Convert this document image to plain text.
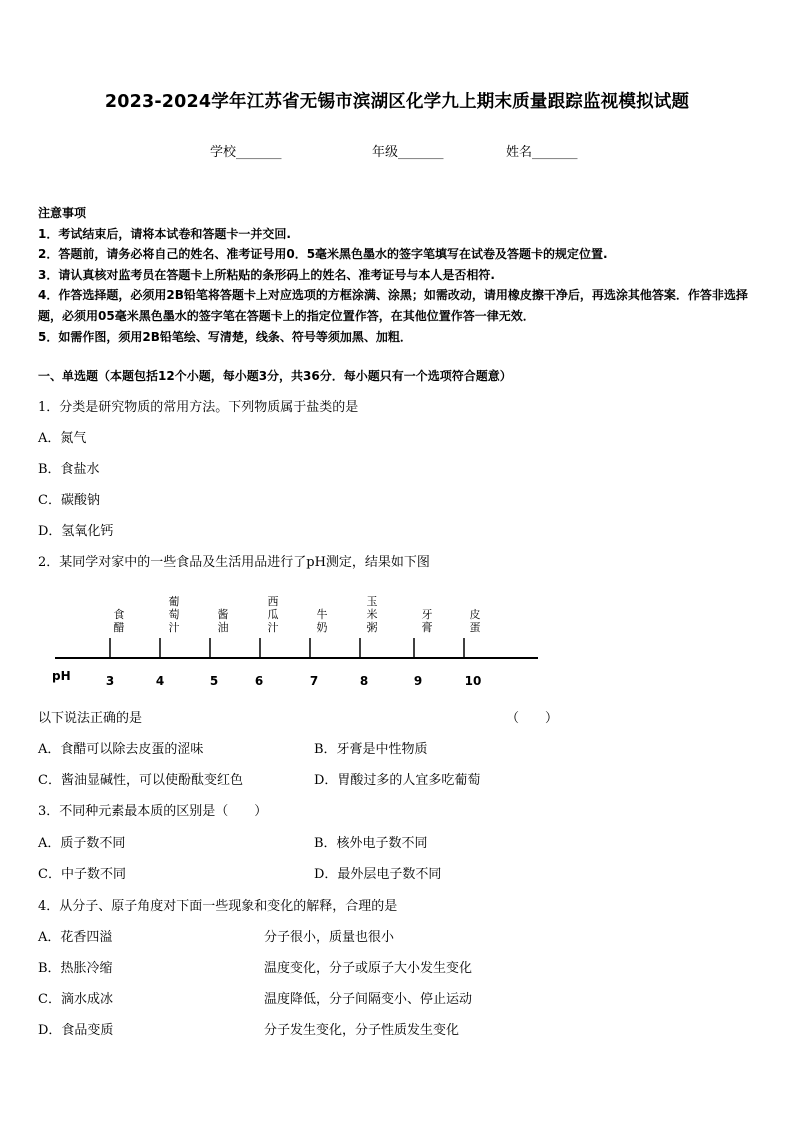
2023-2024学年江苏省无锡市滨湖区化学九上期末质量跟踪监视模拟试题
学校_______	年级_______	姓名_______
注意事项
1．考试结束后，请将本试卷和答题卡一并交回.
2．答题前，请务必将自己的姓名、准考证号用0．5毫米黑色墨水的签字笔填写在试卷及答题卡的规定位置.
3．请认真核对监考员在答题卡上所粘贴的条形码上的姓名、准考证号与本人是否相符.
4．作答选择题，必须用2B铅笔将答题卡上对应选项的方框涂满、涂黑；如需改动，请用橡皮擦干净后，再选涂其他答案．作答非选择题，必须用05毫米黑色墨水的签字笔在答题卡上的指定位置作答，在其他位置作答一律无效．
5．如需作图，须用2B铅笔绘、写清楚，线条、符号等须加黑、加粗．
一、单选题（本题包括12个小题，每小题3分，共36分．每小题只有一个选项符合题意）
1．分类是研究物质的常用方法。下列物质属于盐类的是
A．氮气
B．食盐水
C．碳酸钠
D．氢氧化钙
2．某同学对家中的一些食品及生活用品进行了pH测定，结果如下图
pH	3	4	5	6	7	8	9	10
食醋
葡萄汁
酱油
西瓜汁
牛奶
玉米粥
牙膏
皮蛋
以下说法正确的是	（　　）
A．食醋可以除去皮蛋的涩味	B．牙膏是中性物质
C．酱油显碱性，可以使酚酞变红色	D．胃酸过多的人宜多吃葡萄
3．不同种元素最本质的区别是（　　）
A．质子数不同	B．核外电子数不同
C．中子数不同	D．最外层电子数不同
4．从分子、原子角度对下面一些现象和变化的解释，合理的是
A．花香四溢	分子很小，质量也很小
B．热胀冷缩	温度变化，分子或原子大小发生变化
C．滴水成冰	温度降低，分子间隔变小、停止运动
D．食品变质	分子发生变化，分子性质发生变化
